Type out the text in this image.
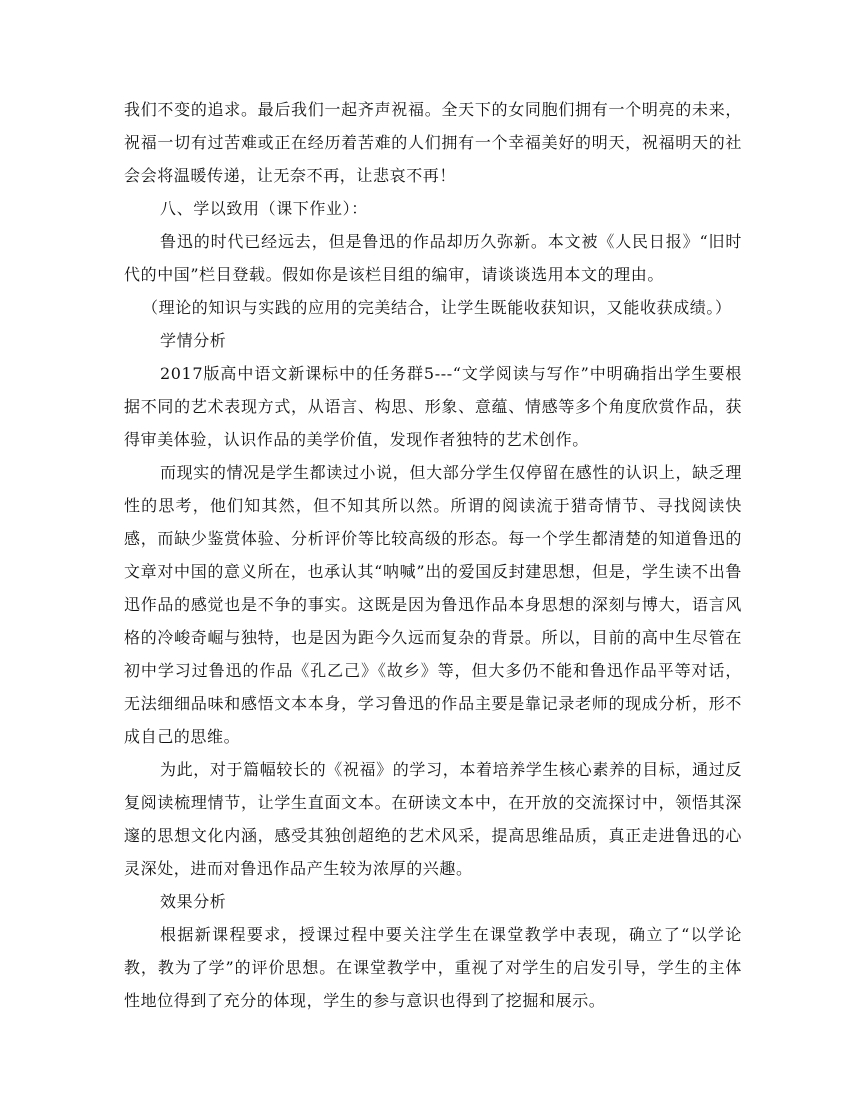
我们不变的追求。最后我们一起齐声祝福。全天下的女同胞们拥有一个明亮的未来，祝福一切有过苦难或正在经历着苦难的人们拥有一个幸福美好的明天，祝福明天的社会会将温暖传递，让无奈不再，让悲哀不再！

八、学以致用（课下作业）：

鲁迅的时代已经远去，但是鲁迅的作品却历久弥新。本文被《人民日报》“旧时代的中国”栏目登载。假如你是该栏目组的编审，请谈谈选用本文的理由。

（理论的知识与实践的应用的完美结合，让学生既能收获知识，又能收获成绩。）

学情分析

2017版高中语文新课标中的任务群5---“文学阅读与写作”中明确指出学生要根据不同的艺术表现方式，从语言、构思、形象、意蕴、情感等多个角度欣赏作品，获得审美体验，认识作品的美学价值，发现作者独特的艺术创作。

而现实的情况是学生都读过小说，但大部分学生仅停留在感性的认识上，缺乏理性的思考，他们知其然，但不知其所以然。所谓的阅读流于猎奇情节、寻找阅读快感，而缺少鉴赏体验、分析评价等比较高级的形态。每一个学生都清楚的知道鲁迅的文章对中国的意义所在，也承认其“呐喊”出的爱国反封建思想，但是，学生读不出鲁迅作品的感觉也是不争的事实。这既是因为鲁迅作品本身思想的深刻与博大，语言风格的冷峻奇崛与独特，也是因为距今久远而复杂的背景。所以，目前的高中生尽管在初中学习过鲁迅的作品《孔乙己》《故乡》等，但大多仍不能和鲁迅作品平等对话，无法细细品味和感悟文本本身，学习鲁迅的作品主要是靠记录老师的现成分析，形不成自己的思维。

为此，对于篇幅较长的《祝福》的学习，本着培养学生核心素养的目标，通过反复阅读梳理情节，让学生直面文本。在研读文本中，在开放的交流探讨中，领悟其深邃的思想文化内涵，感受其独创超绝的艺术风采，提高思维品质，真正走进鲁迅的心灵深处，进而对鲁迅作品产生较为浓厚的兴趣。

效果分析

根据新课程要求，授课过程中要关注学生在课堂教学中表现，确立了“以学论教，教为了学”的评价思想。在课堂教学中，重视了对学生的启发引导，学生的主体性地位得到了充分的体现，学生的参与意识也得到了挖掘和展示。
